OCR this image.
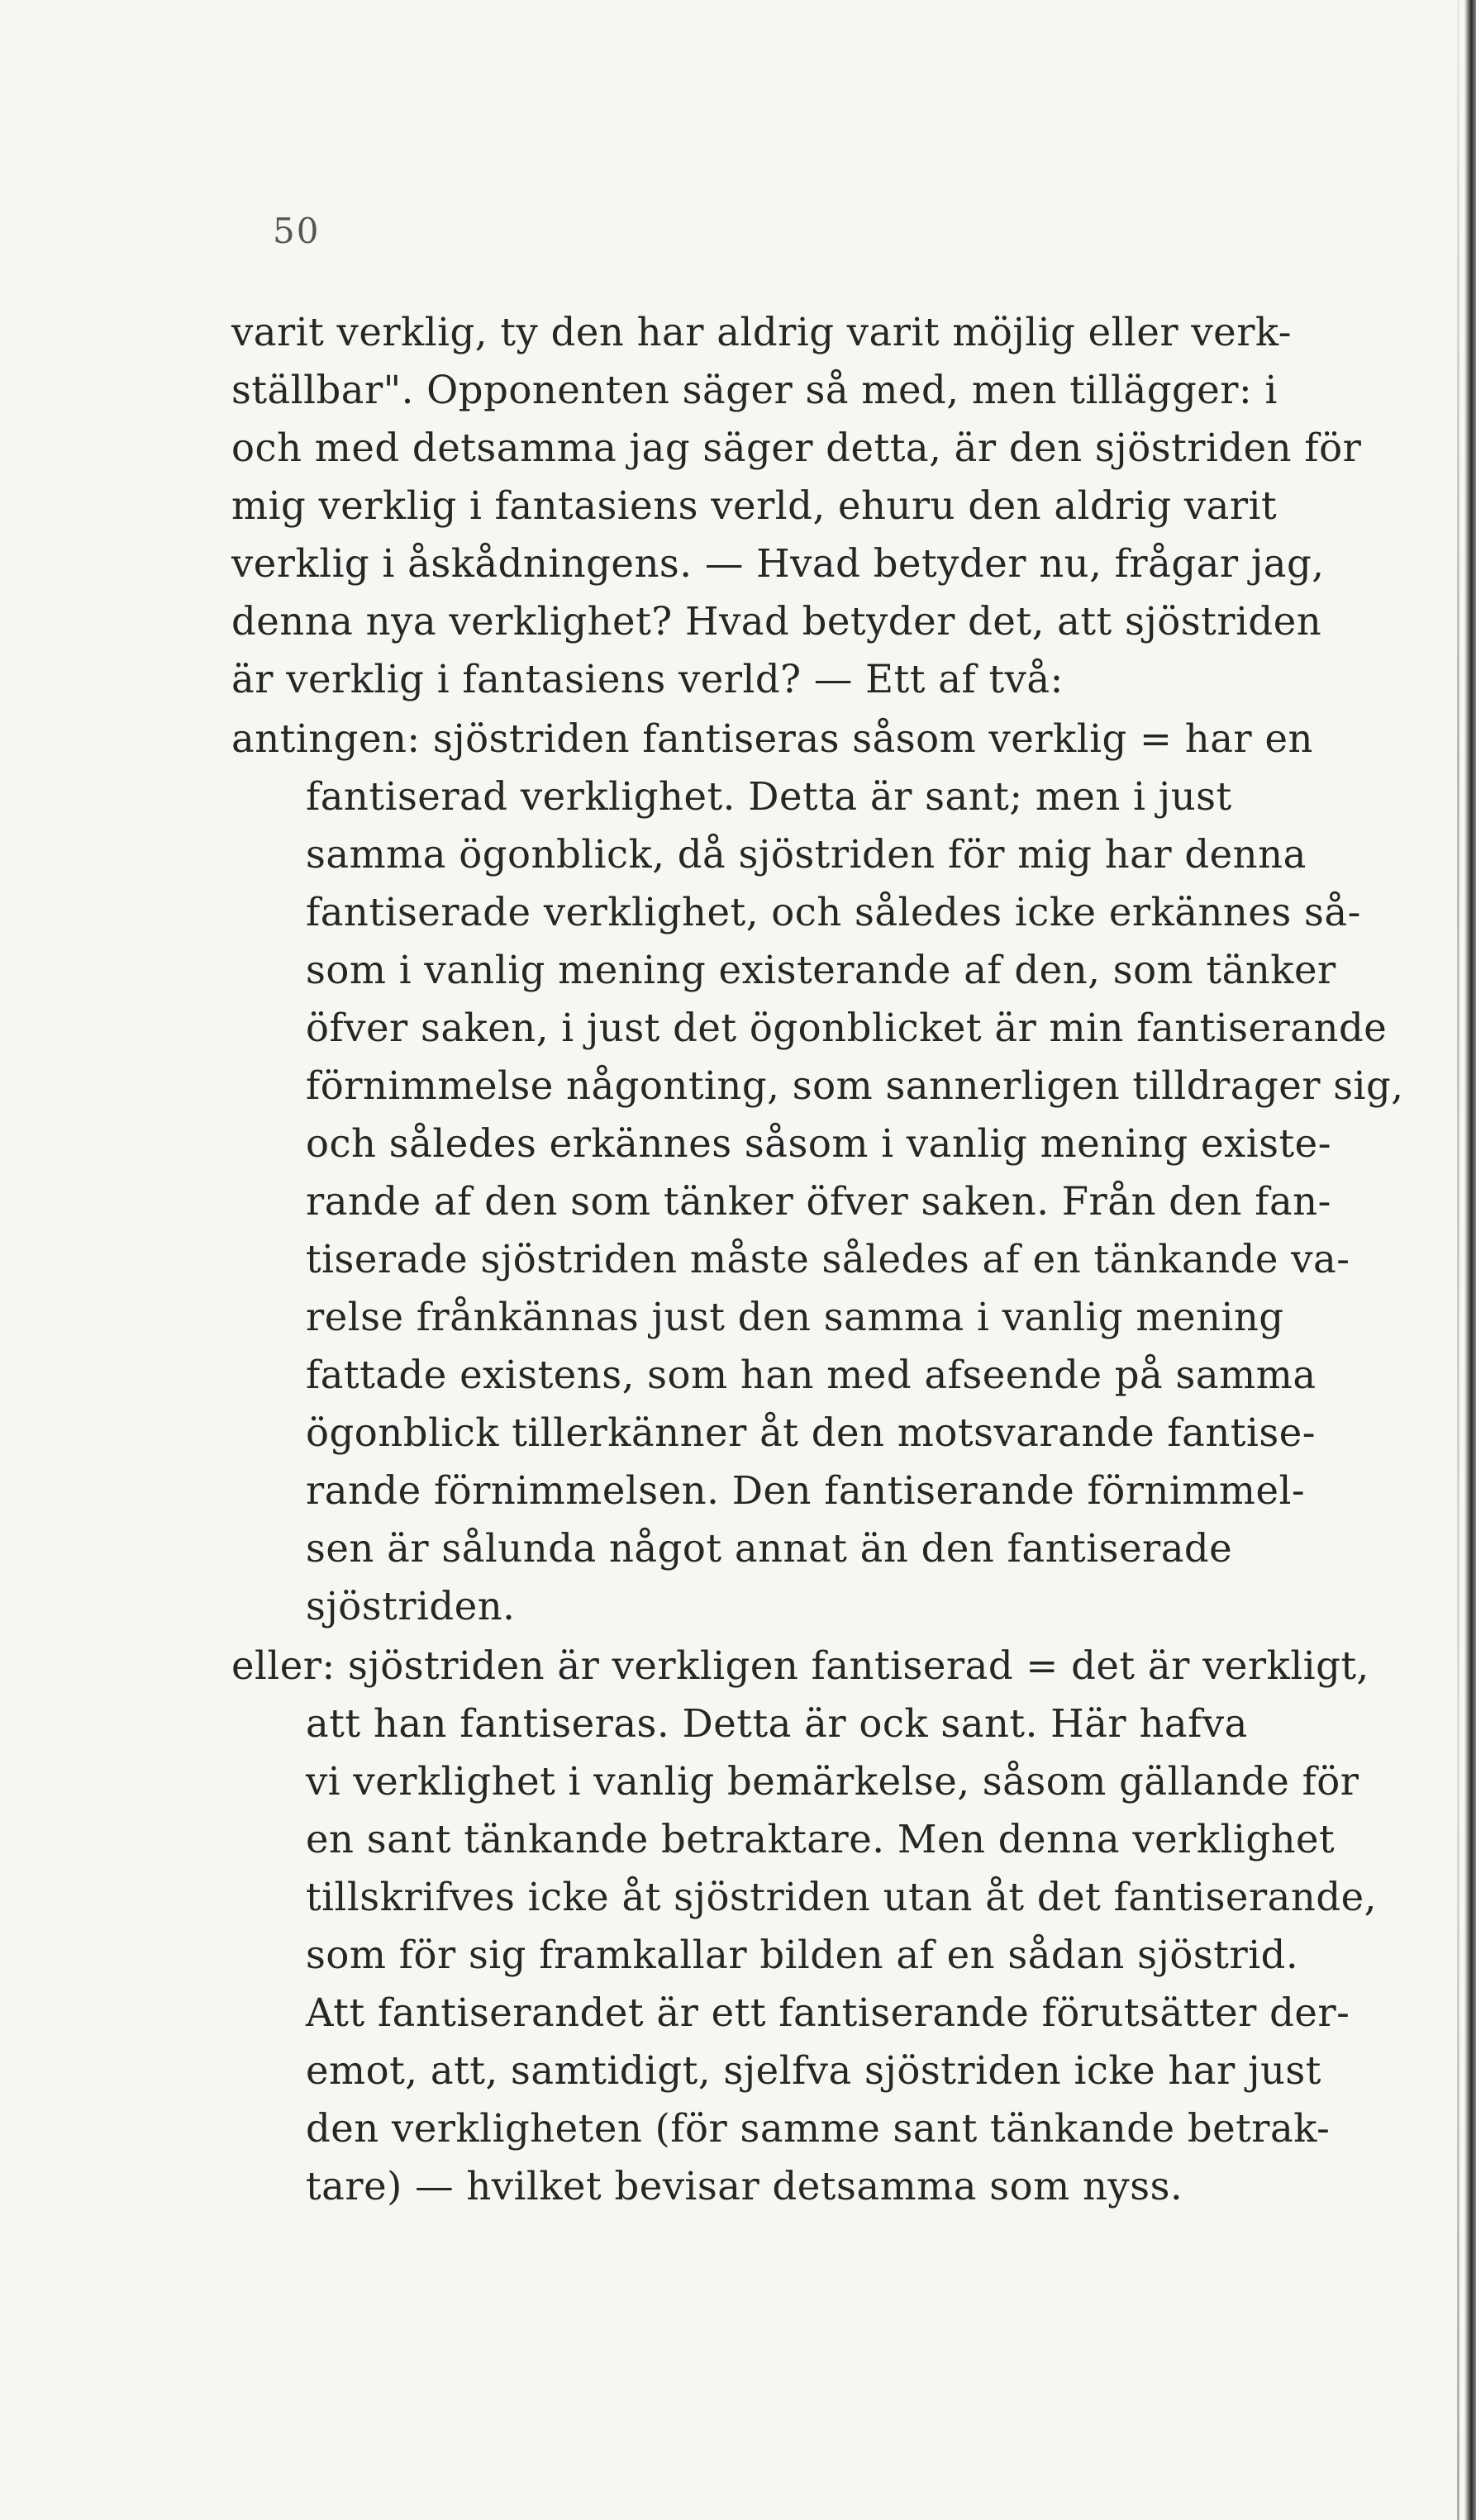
50
varit verklig, ty den har aldrig varit möjlig eller verk-
ställbar". Opponenten säger så med, men tillägger: i
och med detsamma jag säger detta, är den sjöstriden för
mig verklig i fantasiens verld, ehuru den aldrig varit
verklig i åskådningens. — Hvad betyder nu, frågar jag,
denna nya verklighet? Hvad betyder det, att sjöstriden
är verklig i fantasiens verld? — Ett af två:
antingen: sjöstriden fantiseras såsom verklig = har en
fantiserad verklighet. Detta är sant; men i just
samma ögonblick, då sjöstriden för mig har denna
fantiserade verklighet, och således icke erkännes så-
som i vanlig mening existerande af den, som tänker
öfver saken, i just det ögonblicket är min fantiserande
förnimmelse någonting, som sannerligen tilldrager sig,
och således erkännes såsom i vanlig mening existe-
rande af den som tänker öfver saken. Från den fan-
tiserade sjöstriden måste således af en tänkande va-
relse frånkännas just den samma i vanlig mening
fattade existens, som han med afseende på samma
ögonblick tillerkänner åt den motsvarande fantise-
rande förnimmelsen. Den fantiserande förnimmel-
sen är sålunda något annat än den fantiserade
sjöstriden.
eller: sjöstriden är verkligen fantiserad = det är verkligt,
att han fantiseras. Detta är ock sant. Här hafva
vi verklighet i vanlig bemärkelse, såsom gällande för
en sant tänkande betraktare. Men denna verklighet
tillskrifves icke åt sjöstriden utan åt det fantiserande,
som för sig framkallar bilden af en sådan sjöstrid.
Att fantiserandet är ett fantiserande förutsätter der-
emot, att, samtidigt, sjelfva sjöstriden icke har just
den verkligheten (för samme sant tänkande betrak-
tare) — hvilket bevisar detsamma som nyss.
